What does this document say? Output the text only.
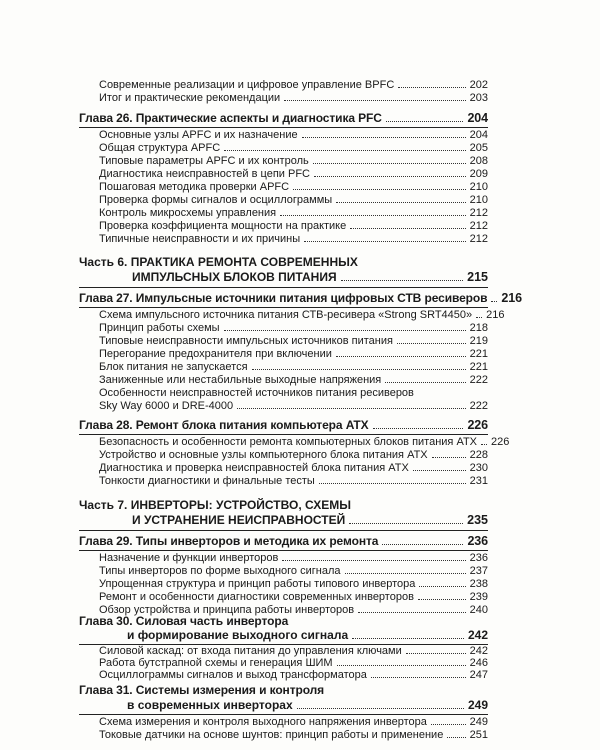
Современные реализации и цифровое управление BPFC	202
Итог и практические рекомендации	203
Глава 26. Практические аспекты и диагностика PFC	204
Основные узлы APFC и их назначение	204
Общая структура APFC	205
Типовые параметры APFC и их контроль	208
Диагностика неисправностей в цепи PFC	209
Пошаговая методика проверки APFC	210
Проверка формы сигналов и осциллограммы	210
Контроль микросхемы управления	212
Проверка коэффициента мощности на практике	212
Типичные неисправности и их причины	212
Часть 6. ПРАКТИКА РЕМОНТА СОВРЕМЕННЫХ
ИМПУЛЬСНЫХ БЛОКОВ ПИТАНИЯ	215
Глава 27. Импульсные источники питания цифровых СТВ ресиверов 216
Схема импульсного источника питания СТВ-ресивера «Strong SRT4450» 216
Принцип работы схемы	218
Типовые неисправности импульсных источников питания	219
Перегорание предохранителя при включении	221
Блок питания не запускается	221
Заниженные или нестабильные выходные напряжения	222
Особенности неисправностей источников питания ресиверов
Sky Way 6000 и DRE-4000	222
Глава 28. Ремонт блока питания компьютера ATX	226
Безопасность и особенности ремонта компьютерных блоков питания ATX 226
Устройство и основные узлы компьютерного блока питания ATX	228
Диагностика и проверка неисправностей блока питания ATX	230
Тонкости диагностики и финальные тесты	231
Часть 7. ИНВЕРТОРЫ: УСТРОЙСТВО, СХЕМЫ
И УСТРАНЕНИЕ НЕИСПРАВНОСТЕЙ	235
Глава 29. Типы инверторов и методика их ремонта	236
Назначение и функции инверторов	236
Типы инверторов по форме выходного сигнала	237
Упрощенная структура и принцип работы типового инвертора	238
Ремонт и особенности диагностики современных инверторов	239
Обзор устройства и принципа работы инверторов	240
Глава 30. Силовая часть инвертора
и формирование выходного сигнала	242
Силовой каскад: от входа питания до управления ключами	242
Работа бутстрапной схемы и генерация ШИМ	246
Осциллограммы сигналов и выход трансформатора	247
Глава 31. Системы измерения и контроля
в современных инверторах	249
Схема измерения и контроля выходного напряжения инвертора	249
Токовые датчики на основе шунтов: принцип работы и применение 251
